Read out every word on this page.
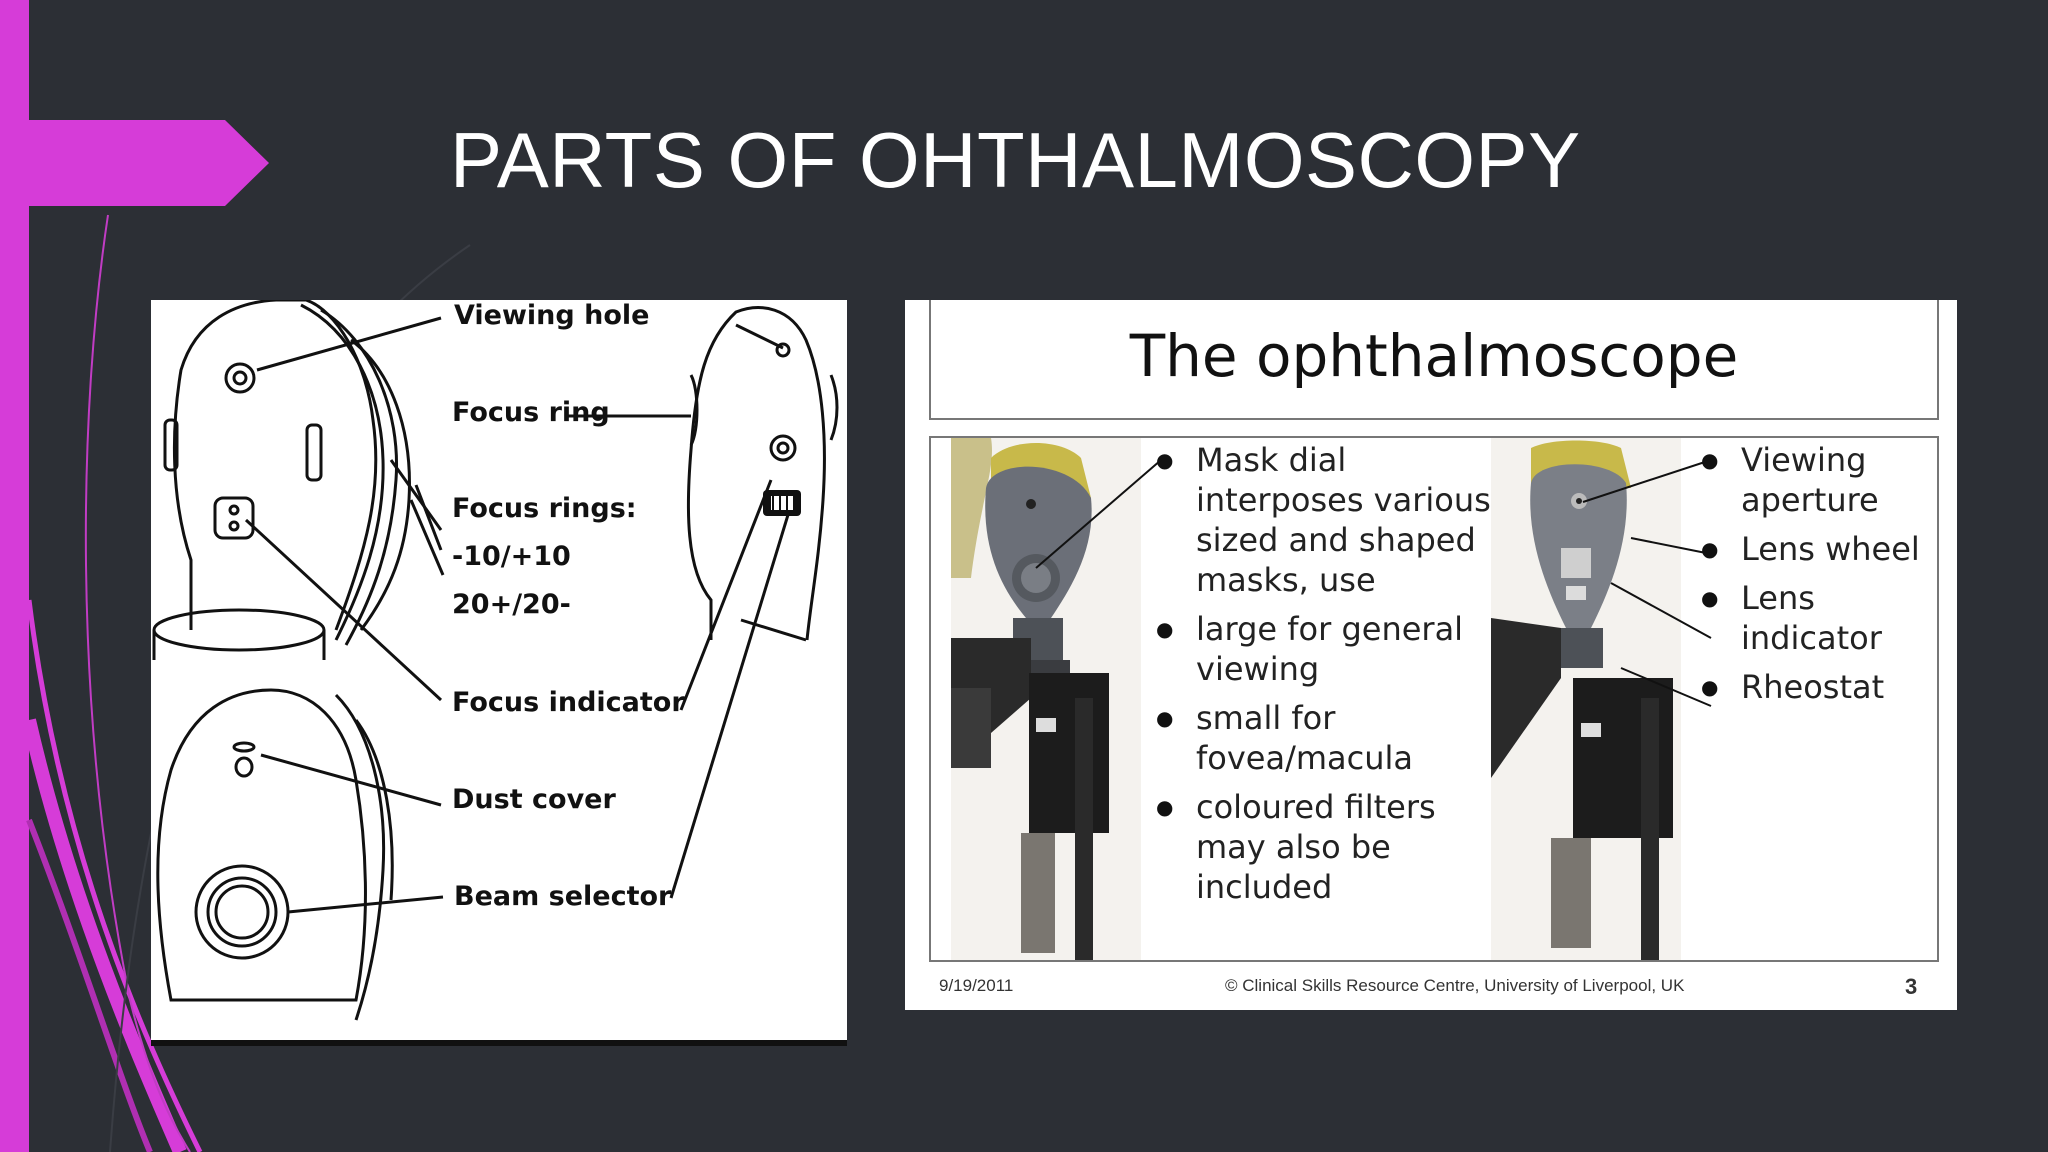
PARTS OF OHTHALMOSCOPY
Viewing hole
Focus ring
Focus rings:
-10/+10
20+/20-
Focus indicator
Dust cover
Beam selector
The ophthalmoscope
● Mask dial interposes various sized and shaped masks, use
● large for general viewing
● small for fovea/macula
● coloured filters may also be included
● Viewing aperture
● Lens wheel
● Lens indicator
● Rheostat
9/19/2011	© Clinical Skills Resource Centre, University of Liverpool, UK	3
